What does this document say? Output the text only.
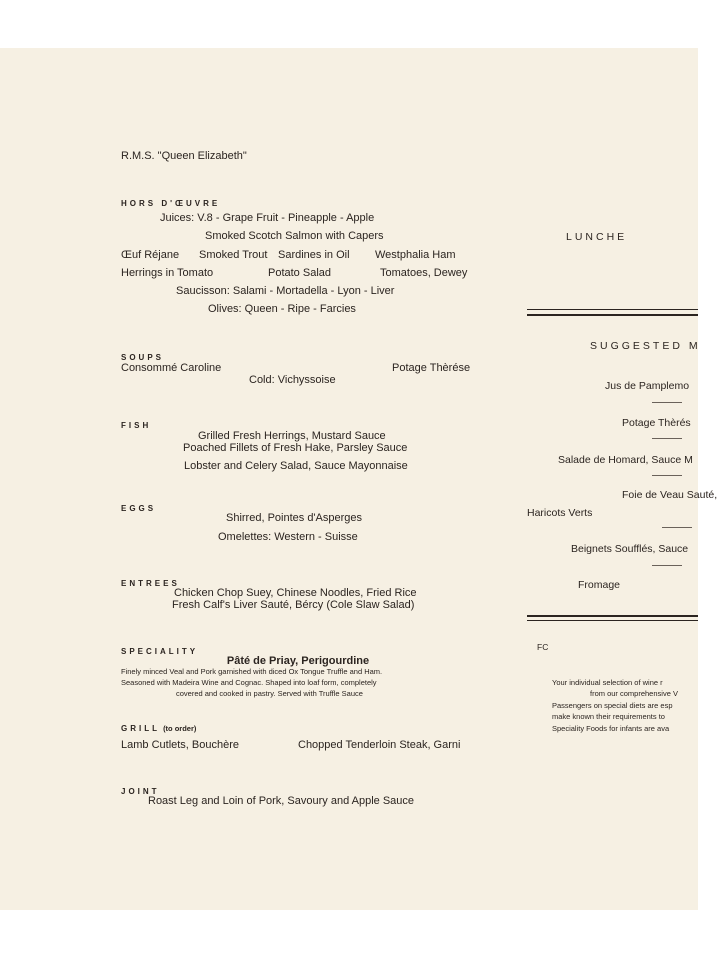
R.M.S. "Queen Elizabeth"
HORS D'ŒUVRE
Juices: V.8 - Grape Fruit - Pineapple - Apple
Smoked Scotch Salmon with Capers
Œuf Réjane Smoked Trout Sardines in Oil Westphalia Ham
Herrings in Tomato	Potato Salad	Tomatoes, Dewey
Saucisson: Salami - Mortadella - Lyon - Liver
Olives: Queen - Ripe - Farcies
SOUPS
Consommé Caroline	Potage Thèrése
Cold: Vichyssoise
FISH
Grilled Fresh Herrings, Mustard Sauce
Poached Fillets of Fresh Hake, Parsley Sauce
Lobster and Celery Salad, Sauce Mayonnaise
EGGS
Shirred, Pointes d'Asperges
Omelettes: Western - Suisse
ENTREES
Chicken Chop Suey, Chinese Noodles, Fried Rice
Fresh Calf's Liver Sauté, Bércy (Cole Slaw Salad)
SPECIALITY
Pâté de Priay, Perigourdine
Finely minced Veal and Pork garnished with diced Ox Tongue Truffle and Ham.
Seasoned with Madeira Wine and Cognac. Shaped into loaf form, completely
covered and cooked in pastry. Served with Truffle Sauce
GRILL (to order)
Lamb Cutlets, Bouchère	Chopped Tenderloin Steak, Garni
JOINT
Roast Leg and Loin of Pork, Savoury and Apple Sauce
LUNCHE
SUGGESTED M
Jus de Pamplemo
Potage Thèrés
Salade de Homard, Sauce M
Foie de Veau Sauté,
Haricots Verts
Beignets Soufflés, Sauce
Fromage
FC
Your individual selection of wine r
from our comprehensive V
Passengers on special diets are esp
make known their requirements to
Speciality Foods for infants are ava
